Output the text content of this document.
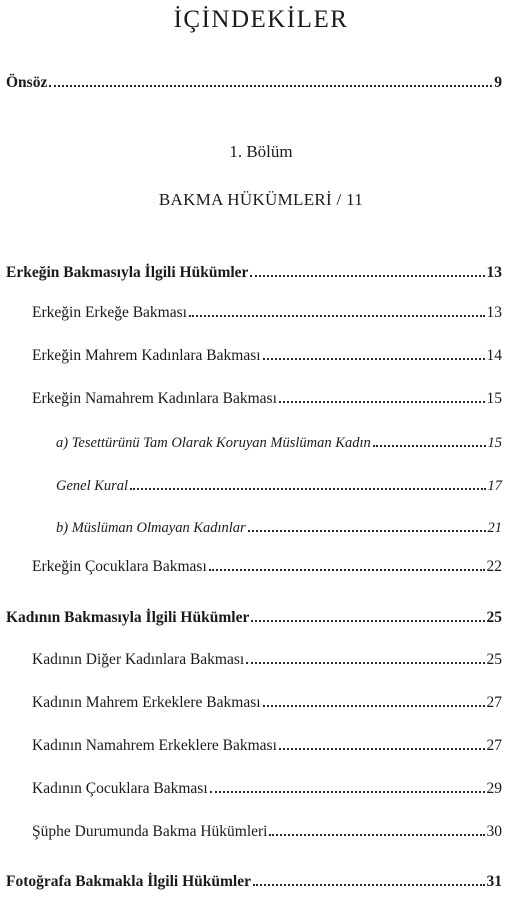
İÇİNDEKİLER
Önsöz	9
1. Bölüm
BAKMA HÜKÜMLERİ / 11
Erkeğin Bakmasıyla İlgili Hükümler	13
Erkeğin Erkeğe Bakması	13
Erkeğin Mahrem Kadınlara Bakması	14
Erkeğin Namahrem Kadınlara Bakması	15
a) Tesettürünü Tam Olarak Koruyan Müslüman Kadın	15
Genel Kural	17
b) Müslüman Olmayan Kadınlar	21
Erkeğin Çocuklara Bakması	22
Kadının Bakmasıyla İlgili Hükümler	25
Kadının Diğer Kadınlara Bakması	25
Kadının Mahrem Erkeklere Bakması	27
Kadının Namahrem Erkeklere Bakması	27
Kadının Çocuklara Bakması	29
Şüphe Durumunda Bakma Hükümleri	30
Fotoğrafa Bakmakla İlgili Hükümler	31
